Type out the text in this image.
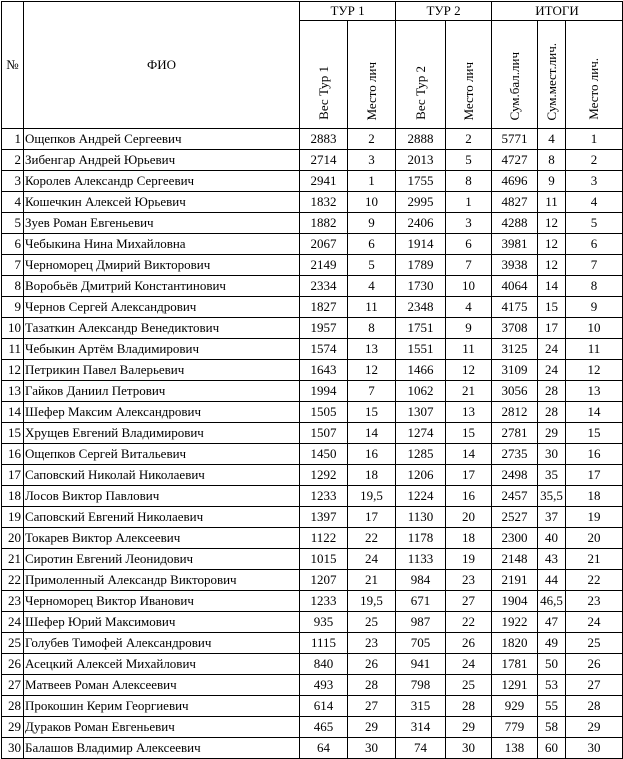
№	ФИО	ТУР 1		ТУР 2		ИТОГИ		
		Вес Тур 1	Место лич	Вес Тур 2	Место лич	Сум.бал.лич	Сум.мест.лич.	Место лич.
1	Ощепков Андрей Сергеевич	2883	2	2888	2	5771	4	1
2	Зибенгар Андрей Юрьевич	2714	3	2013	5	4727	8	2
3	Королев Александр Сергеевич	2941	1	1755	8	4696	9	3
4	Кошечкин Алексей Юрьевич	1832	10	2995	1	4827	11	4
5	Зуев Роман Евгеньевич	1882	9	2406	3	4288	12	5
6	Чебыкина Нина Михайловна	2067	6	1914	6	3981	12	6
7	Черноморец Дмирий Викторович	2149	5	1789	7	3938	12	7
8	Воробьёв Дмитрий Константинович	2334	4	1730	10	4064	14	8
9	Чернов Сергей Александрович	1827	11	2348	4	4175	15	9
10	Тазаткин Александр Венедиктович	1957	8	1751	9	3708	17	10
11	Чебыкин Артём Владимирович	1574	13	1551	11	3125	24	11
12	Петрикин Павел Валерьевич	1643	12	1466	12	3109	24	12
13	Гайков Даниил Петрович	1994	7	1062	21	3056	28	13
14	Шефер Максим Александрович	1505	15	1307	13	2812	28	14
15	Хрущев Евгений Владимирович	1507	14	1274	15	2781	29	15
16	Ощепков Сергей Витальевич	1450	16	1285	14	2735	30	16
17	Саповский Николай Николаевич	1292	18	1206	17	2498	35	17
18	Лосов Виктор Павлович	1233	19,5	1224	16	2457	35,5	18
19	Саповский Евгений Николаевич	1397	17	1130	20	2527	37	19
20	Токарев Виктор Алексеевич	1122	22	1178	18	2300	40	20
21	Сиротин Евгений Леонидович	1015	24	1133	19	2148	43	21
22	Примоленный Александр Викторович	1207	21	984	23	2191	44	22
23	Черноморец Виктор Иванович	1233	19,5	671	27	1904	46,5	23
24	Шефер Юрий Максимович	935	25	987	22	1922	47	24
25	Голубев Тимофей Александрович	1115	23	705	26	1820	49	25
26	Асецкий Алексей Михайлович	840	26	941	24	1781	50	26
27	Матвеев Роман Алексеевич	493	28	798	25	1291	53	27
28	Прокошин Керим Георгиевич	614	27	315	28	929	55	28
29	Дураков Роман Евгеньевич	465	29	314	29	779	58	29
30	Балашов Владимир Алексеевич	64	30	74	30	138	60	30
